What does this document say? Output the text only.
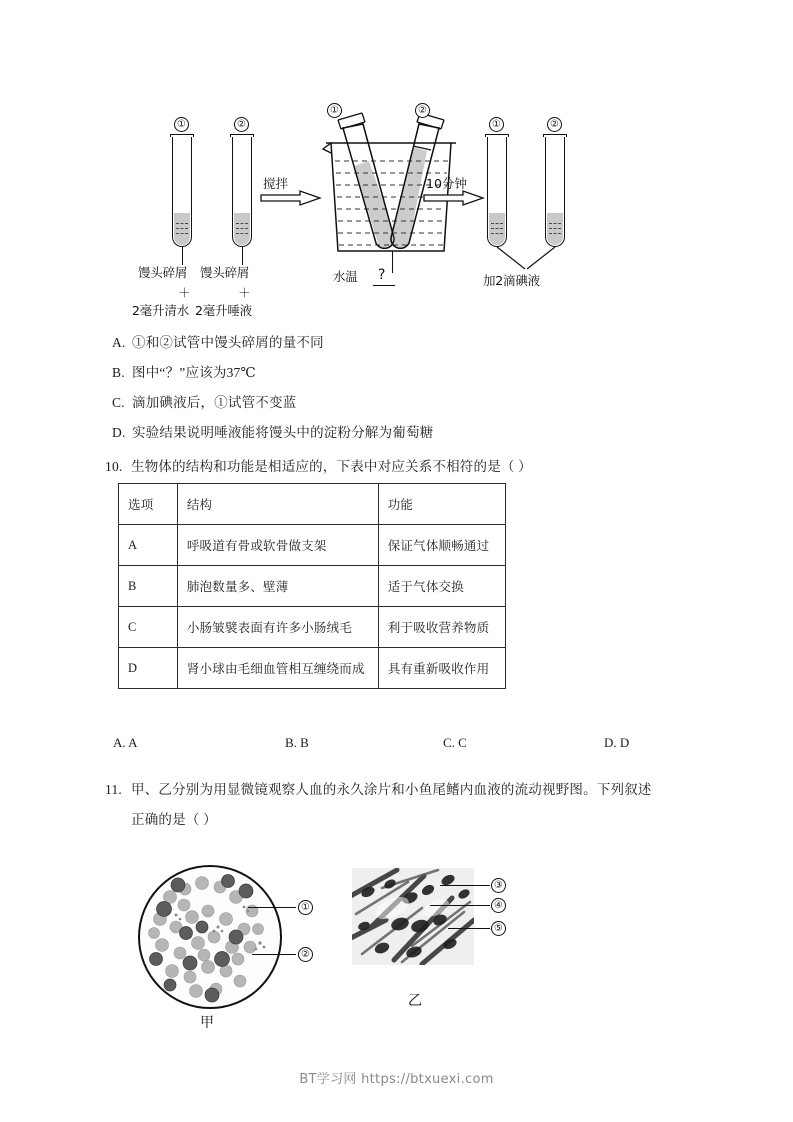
①
馒头碎屑
＋
2毫升清水
②
馒头碎屑
＋
2毫升唾液
搅拌
①	②
水温 ?
10分钟
①	②
加2滴碘液
A. ①和②试管中馒头碎屑的量不同
B. 图中“？”应该为37℃
C. 滴加碘液后，①试管不变蓝
D. 实验结果说明唾液能将馒头中的淀粉分解为葡萄糖
10. 生物体的结构和功能是相适应的，下表中对应关系不相符的是（ ）
选项	结构	功能
A	呼吸道有骨或软骨做支架	保证气体顺畅通过
B	肺泡数量多、壁薄	适于气体交换
C	小肠皱襞表面有许多小肠绒毛	利于吸收营养物质
D	肾小球由毛细血管相互缠绕而成	具有重新吸收作用
A. A	B. B	C. C	D. D
11. 甲、乙分别为用显微镜观察人血的永久涂片和小鱼尾鳍内血液的流动视野图。下列叙述
正确的是（ ）
①
②
甲
③
④
⑤
乙
BT学习网 https://btxuexi.com
